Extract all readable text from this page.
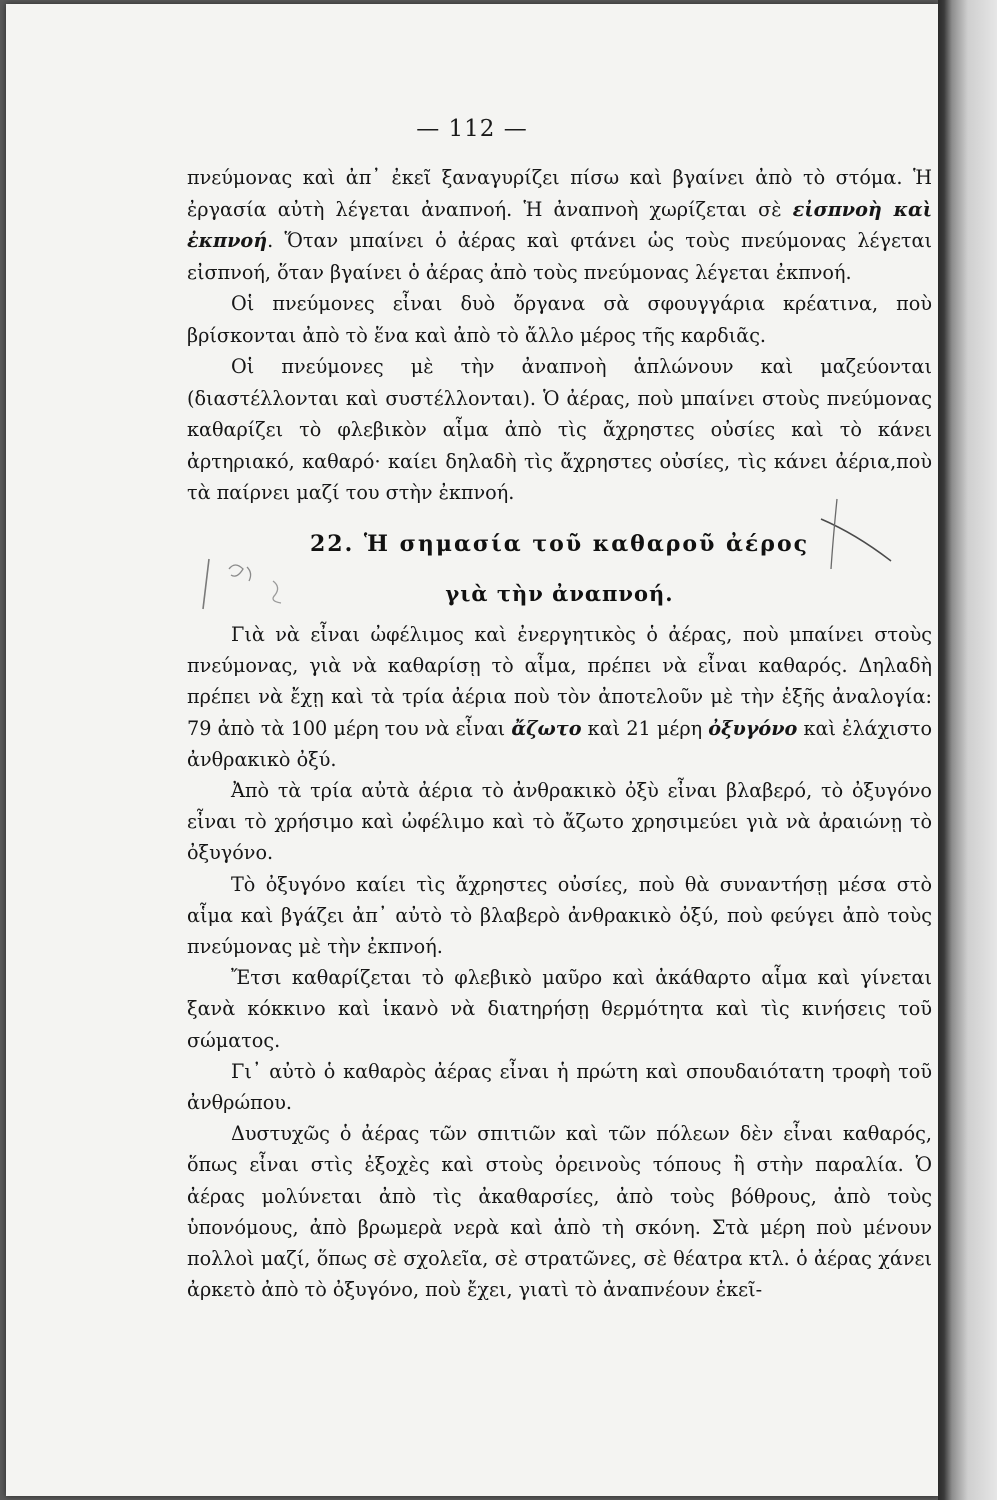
— 112 —

πνεύμονας καὶ ἀπ᾽ ἐκεῖ ξαναγυρίζει πίσω καὶ βγαίνει ἀπὸ τὸ στόμα. Ἡ ἐργασία αὐτὴ λέγεται ἀναπνοή. Ἡ ἀναπνοὴ χωρίζεται σὲ εἰσπνοὴ καὶ ἐκπνοή. Ὅταν μπαίνει ὁ ἀέρας καὶ φτάνει ὡς τοὺς πνεύμονας λέγεται εἰσπνοή, ὅταν βγαίνει ὁ ἀέρας ἀπὸ τοὺς πνεύμονας λέγεται ἐκπνοή.

Οἱ πνεύμονες εἶναι δυὸ ὄργανα σὰ σφουγγάρια κρέατινα, ποὺ βρίσκονται ἀπὸ τὸ ἕνα καὶ ἀπὸ τὸ ἄλλο μέρος τῆς καρδιᾶς.

Οἱ πνεύμονες μὲ τὴν ἀναπνοὴ ἁπλώνουν καὶ μαζεύονται (διαστέλλονται καὶ συστέλλονται). Ὁ ἀέρας, ποὺ μπαίνει στοὺς πνεύμονας καθαρίζει τὸ φλεβικὸν αἷμα ἀπὸ τὶς ἄχρηστες οὐσίες καὶ τὸ κάνει ἀρτηριακό, καθαρό· καίει δηλαδὴ τὶς ἄχρηστες οὐσίες, τὶς κάνει ἀέρια,ποὺ τὰ παίρνει μαζί του στὴν ἐκπνοή.

22. Ἡ σημασία τοῦ καθαροῦ ἀέρος
γιὰ τὴν ἀναπνοή.

Γιὰ νὰ εἶναι ὠφέλιμος καὶ ἐνεργητικὸς ὁ ἀέρας, ποὺ μπαίνει στοὺς πνεύμονας, γιὰ νὰ καθαρίσῃ τὸ αἷμα, πρέπει νὰ εἶναι καθαρός. Δηλαδὴ πρέπει νὰ ἔχῃ καὶ τὰ τρία ἀέρια ποὺ τὸν ἀποτελοῦν μὲ τὴν ἑξῆς ἀναλογία: 79 ἀπὸ τὰ 100 μέρη του νὰ εἶναι ἄζωτο καὶ 21 μέρη ὀξυγόνο καὶ ἐλάχιστο ἀνθρακικὸ ὀξύ.

Ἀπὸ τὰ τρία αὐτὰ ἀέρια τὸ ἀνθρακικὸ ὀξὺ εἶναι βλαβερό, τὸ ὀξυγόνο εἶναι τὸ χρήσιμο καὶ ὠφέλιμο καὶ τὸ ἄζωτο χρησιμεύει γιὰ νὰ ἀραιώνῃ τὸ ὀξυγόνο.

Τὸ ὀξυγόνο καίει τὶς ἄχρηστες οὐσίες, ποὺ θὰ συναντήσῃ μέσα στὸ αἷμα καὶ βγάζει ἀπ᾽ αὐτὸ τὸ βλαβερὸ ἀνθρακικὸ ὀξύ, ποὺ φεύγει ἀπὸ τοὺς πνεύμονας μὲ τὴν ἐκπνοή.

Ἔτσι καθαρίζεται τὸ φλεβικὸ μαῦρο καὶ ἀκάθαρτο αἷμα καὶ γίνεται ξανὰ κόκκινο καὶ ἱκανὸ νὰ διατηρήσῃ θερμότητα καὶ τὶς κινήσεις τοῦ σώματος.

Γι᾽ αὐτὸ ὁ καθαρὸς ἀέρας εἶναι ἡ πρώτη καὶ σπουδαιότατη τροφὴ τοῦ ἀνθρώπου.

Δυστυχῶς ὁ ἀέρας τῶν σπιτιῶν καὶ τῶν πόλεων δὲν εἶναι καθαρός, ὅπως εἶναι στὶς ἐξοχὲς καὶ στοὺς ὀρεινοὺς τόπους ἢ στὴν παραλία. Ὁ ἀέρας μολύνεται ἀπὸ τὶς ἀκαθαρσίες, ἀπὸ τοὺς βόθρους, ἀπὸ τοὺς ὑπονόμους, ἀπὸ βρωμερὰ νερὰ καὶ ἀπὸ τὴ σκόνη. Στὰ μέρη ποὺ μένουν πολλοὶ μαζί, ὅπως σὲ σχολεῖα, σὲ στρατῶνες, σὲ θέατρα κτλ. ὁ ἀέρας χάνει ἀρκετὸ ἀπὸ τὸ ὀξυγόνο, ποὺ ἔχει, γιατὶ τὸ ἀναπνέουν ἐκεῖ-
